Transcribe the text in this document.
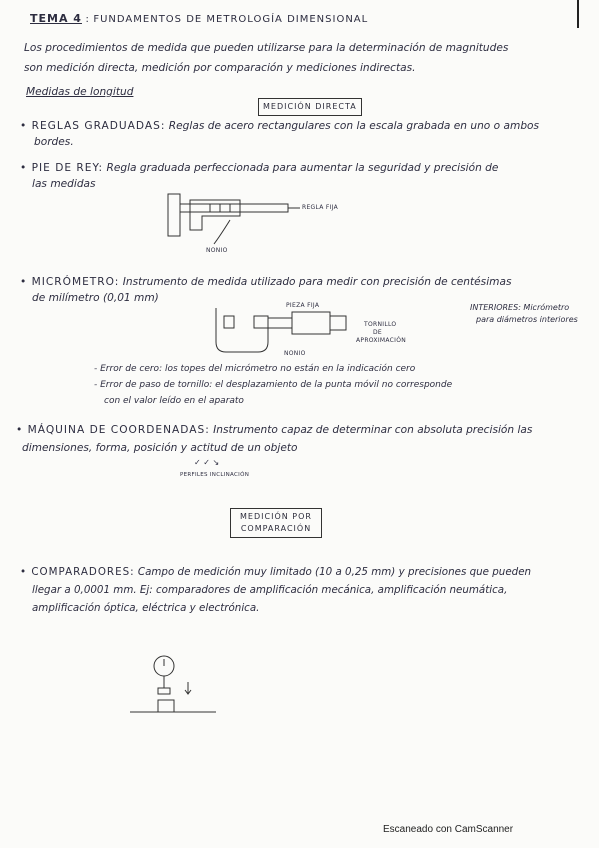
TEMA 4 : FUNDAMENTOS DE METROLOGÍA DIMENSIONAL
Los procedimientos de medida que pueden utilizarse para la determinación de magnitudes
son medición directa, medición por comparación y mediciones indirectas.
Medidas de longitud
MEDICIÓN DIRECTA
• REGLAS GRADUADAS: Reglas de acero rectangulares con la escala grabada en uno o ambos
bordes.
• PIE DE REY: Regla graduada perfeccionada para aumentar la seguridad y precisión de
las medidas
REGLA FIJA
NONIO
• MICRÓMETRO: Instrumento de medida utilizado para medir con precisión de centésimas
de milímetro (0,01 mm)
PIEZA FIJA
TORNILLO
DE
APROXIMACIÓN
NONIO
INTERIORES: Micrómetro
para diámetros interiores
- Error de cero: los topes del micrómetro no están en la indicación cero
- Error de paso de tornillo: el desplazamiento de la punta móvil no corresponde
con el valor leído en el aparato
• MÁQUINA DE COORDENADAS: Instrumento capaz de determinar con absoluta precisión las
dimensiones, forma, posición y actitud de un objeto
✓ ✓ ↘
PERFILES INCLINACIÓN
MEDICIÓN POR
COMPARACIÓN
• COMPARADORES: Campo de medición muy limitado (10 a 0,25 mm) y precisiones que pueden
llegar a 0,0001 mm. Ej: comparadores de amplificación mecánica, amplificación neumática,
amplificación óptica, eléctrica y electrónica.
Escaneado con CamScanner
